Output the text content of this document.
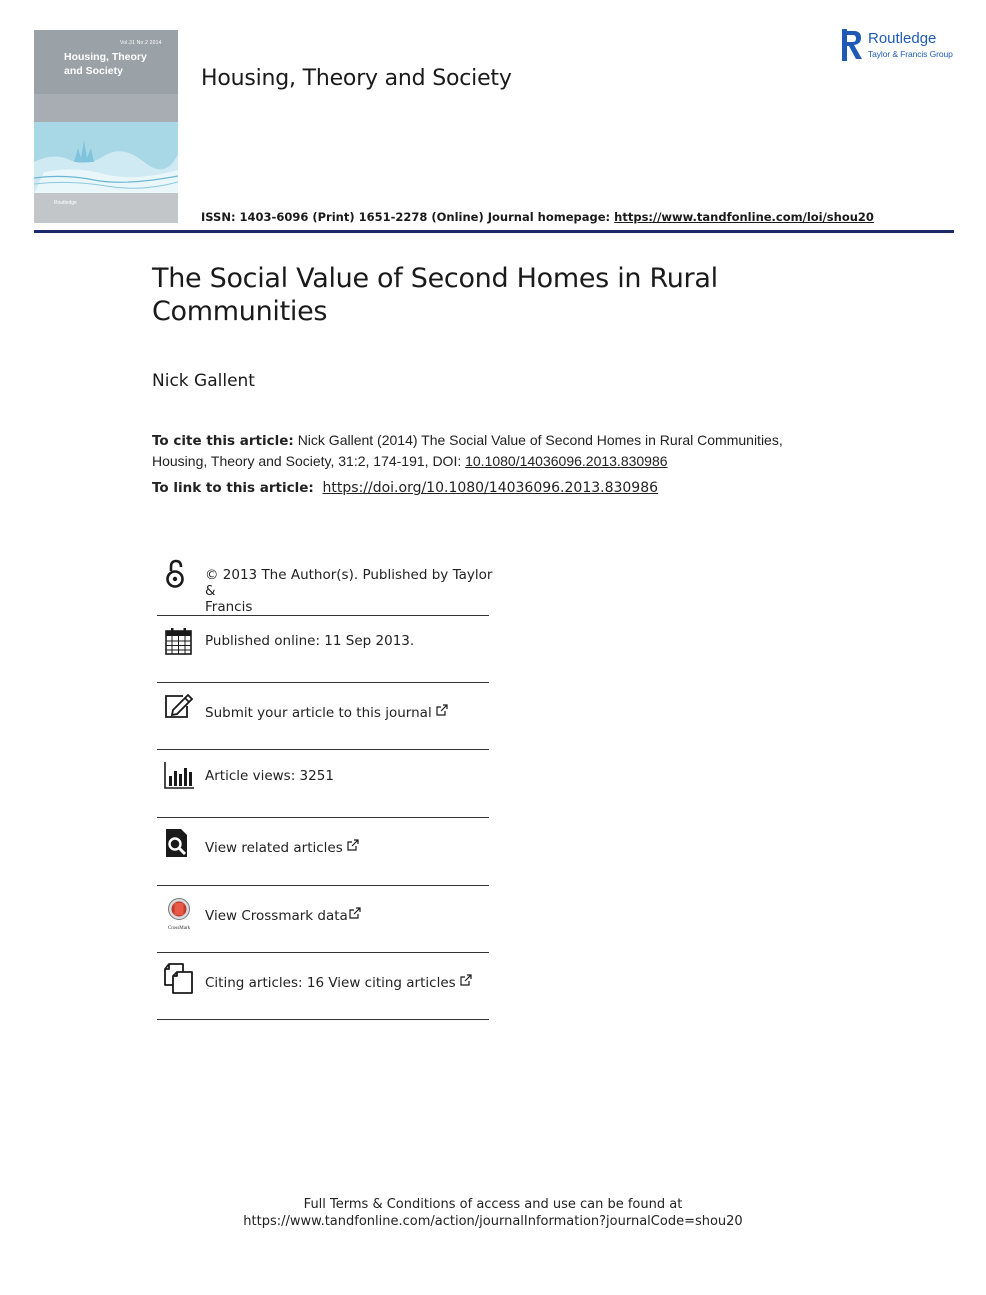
Vol.31 No.2 2014
Housing, Theory
and Society
Routledge
Housing, Theory and Society
ISSN: 1403-6096 (Print) 1651-2278 (Online) Journal homepage: https://www.tandfonline.com/loi/shou20
Routledge
Taylor & Francis Group
The Social Value of Second Homes in Rural
Communities
Nick Gallent
To cite this article: Nick Gallent (2014) The Social Value of Second Homes in Rural Communities,
Housing, Theory and Society, 31:2, 174-191, DOI: 10.1080/14036096.2013.830986
To link to this article: https://doi.org/10.1080/14036096.2013.830986
© 2013 The Author(s). Published by Taylor &
Francis
Published online: 11 Sep 2013.
Submit your article to this journal
Article views: 3251
View related articles
CrossMark
View Crossmark data
Citing articles: 16 View citing articles
Full Terms & Conditions of access and use can be found at
https://www.tandfonline.com/action/journalInformation?journalCode=shou20
